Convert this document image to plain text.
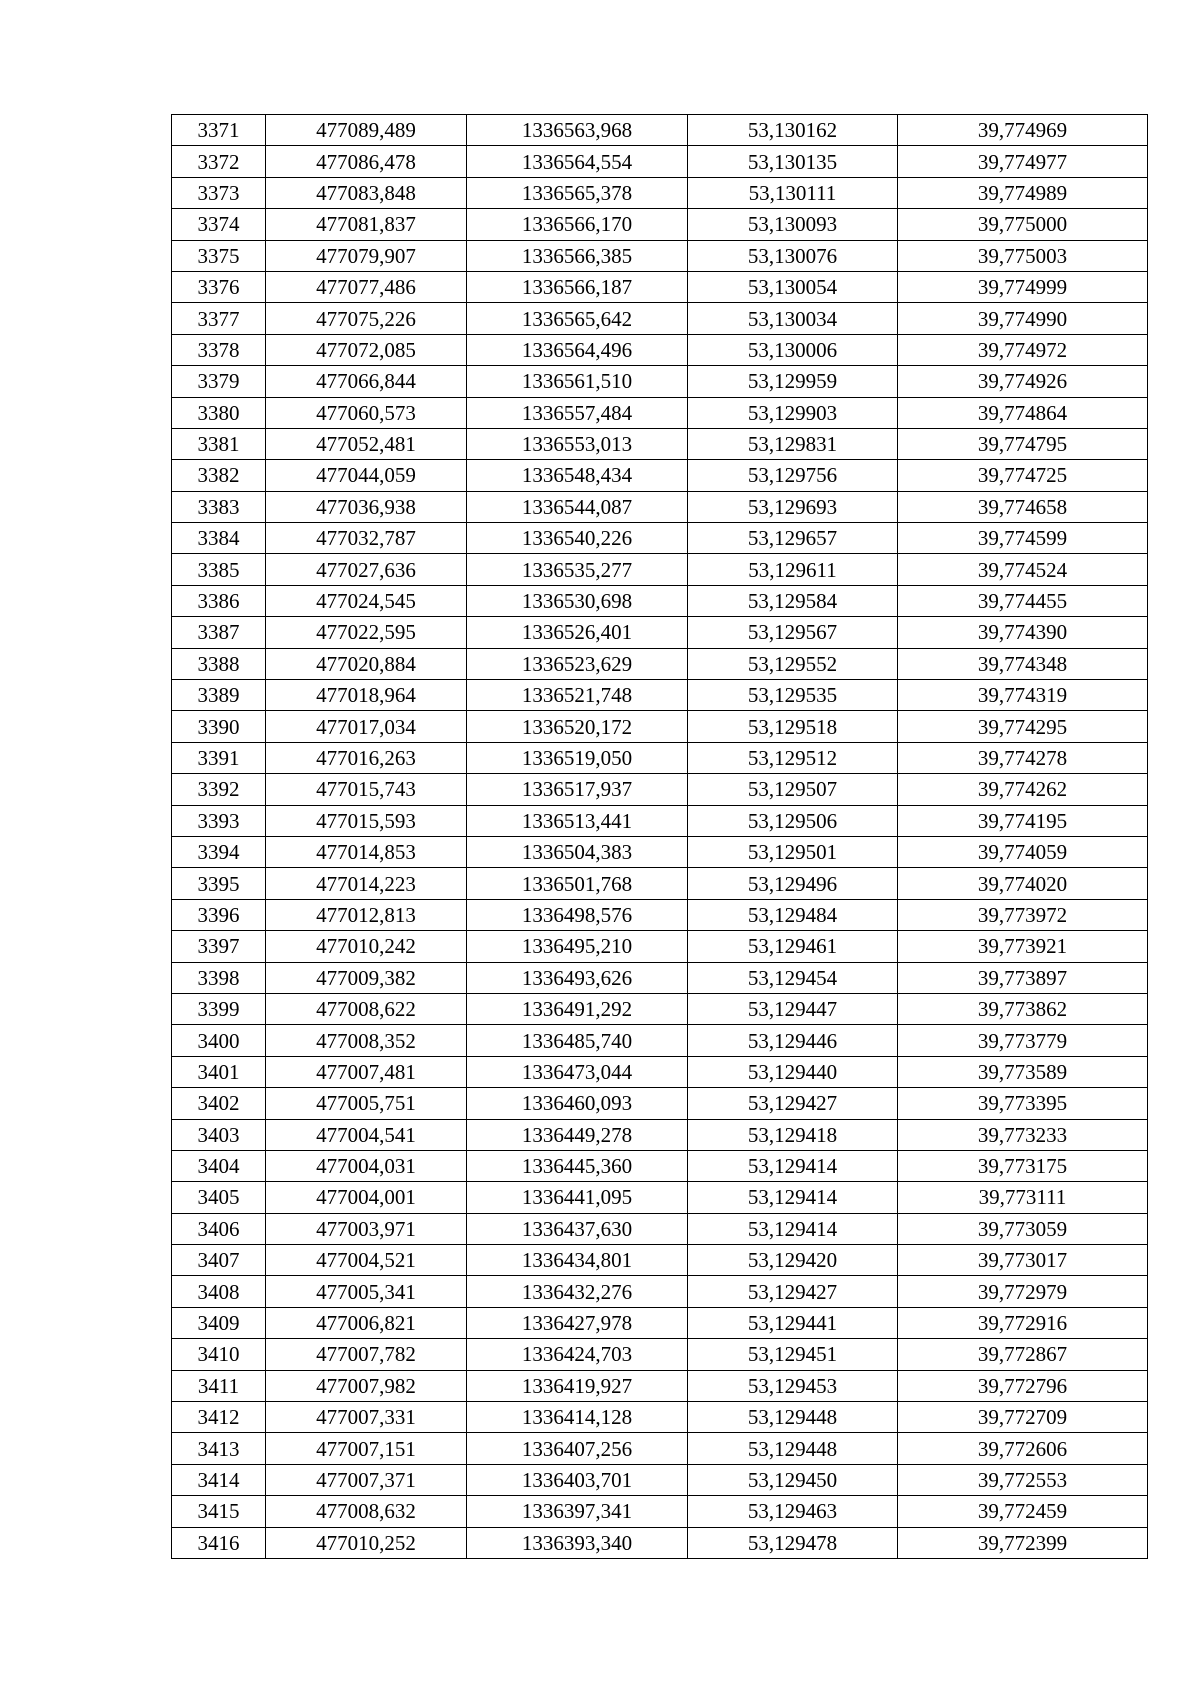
3371	477089,489	1336563,968	53,130162	39,774969
3372	477086,478	1336564,554	53,130135	39,774977
3373	477083,848	1336565,378	53,130111	39,774989
3374	477081,837	1336566,170	53,130093	39,775000
3375	477079,907	1336566,385	53,130076	39,775003
3376	477077,486	1336566,187	53,130054	39,774999
3377	477075,226	1336565,642	53,130034	39,774990
3378	477072,085	1336564,496	53,130006	39,774972
3379	477066,844	1336561,510	53,129959	39,774926
3380	477060,573	1336557,484	53,129903	39,774864
3381	477052,481	1336553,013	53,129831	39,774795
3382	477044,059	1336548,434	53,129756	39,774725
3383	477036,938	1336544,087	53,129693	39,774658
3384	477032,787	1336540,226	53,129657	39,774599
3385	477027,636	1336535,277	53,129611	39,774524
3386	477024,545	1336530,698	53,129584	39,774455
3387	477022,595	1336526,401	53,129567	39,774390
3388	477020,884	1336523,629	53,129552	39,774348
3389	477018,964	1336521,748	53,129535	39,774319
3390	477017,034	1336520,172	53,129518	39,774295
3391	477016,263	1336519,050	53,129512	39,774278
3392	477015,743	1336517,937	53,129507	39,774262
3393	477015,593	1336513,441	53,129506	39,774195
3394	477014,853	1336504,383	53,129501	39,774059
3395	477014,223	1336501,768	53,129496	39,774020
3396	477012,813	1336498,576	53,129484	39,773972
3397	477010,242	1336495,210	53,129461	39,773921
3398	477009,382	1336493,626	53,129454	39,773897
3399	477008,622	1336491,292	53,129447	39,773862
3400	477008,352	1336485,740	53,129446	39,773779
3401	477007,481	1336473,044	53,129440	39,773589
3402	477005,751	1336460,093	53,129427	39,773395
3403	477004,541	1336449,278	53,129418	39,773233
3404	477004,031	1336445,360	53,129414	39,773175
3405	477004,001	1336441,095	53,129414	39,773111
3406	477003,971	1336437,630	53,129414	39,773059
3407	477004,521	1336434,801	53,129420	39,773017
3408	477005,341	1336432,276	53,129427	39,772979
3409	477006,821	1336427,978	53,129441	39,772916
3410	477007,782	1336424,703	53,129451	39,772867
3411	477007,982	1336419,927	53,129453	39,772796
3412	477007,331	1336414,128	53,129448	39,772709
3413	477007,151	1336407,256	53,129448	39,772606
3414	477007,371	1336403,701	53,129450	39,772553
3415	477008,632	1336397,341	53,129463	39,772459
3416	477010,252	1336393,340	53,129478	39,772399
